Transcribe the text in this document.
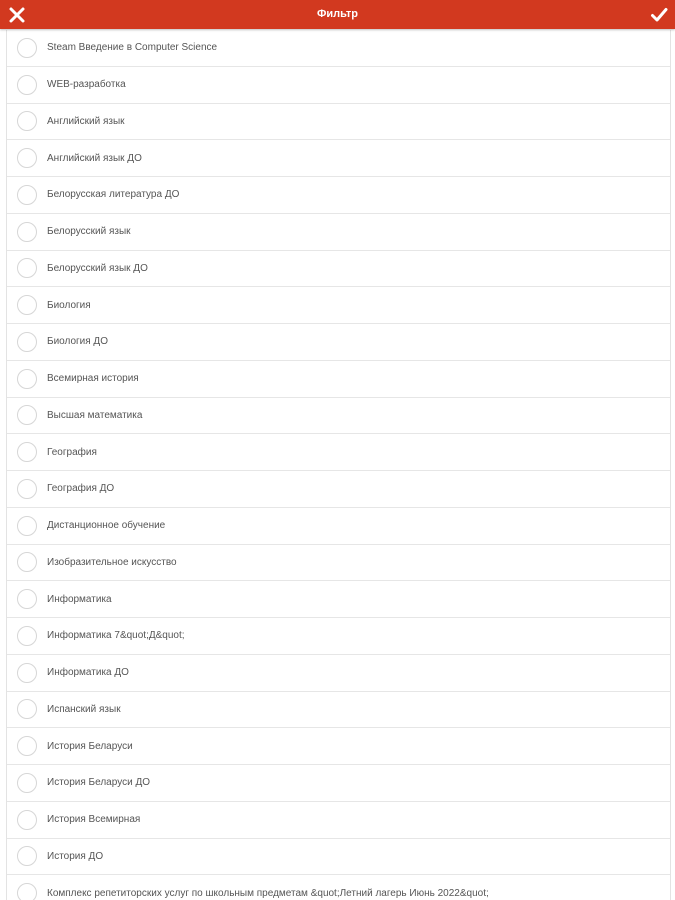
Фильтр
Steam Введение в Computer Science
WEB-разработка
Английский язык
Английский язык ДО
Белорусская литература ДО
Белорусский язык
Белорусский язык ДО
Биология
Биология ДО
Всемирная история
Высшая математика
География
География ДО
Дистанционное обучение
Изобразительное искусство
Информатика
Информатика 7&quot;Д&quot;
Информатика ДО
Испанский язык
История Беларуси
История Беларуси ДО
История Всемирная
История ДО
Комплекс репетиторских услуг по школьным предметам &quot;Летний лагерь Июнь 2022&quot;
